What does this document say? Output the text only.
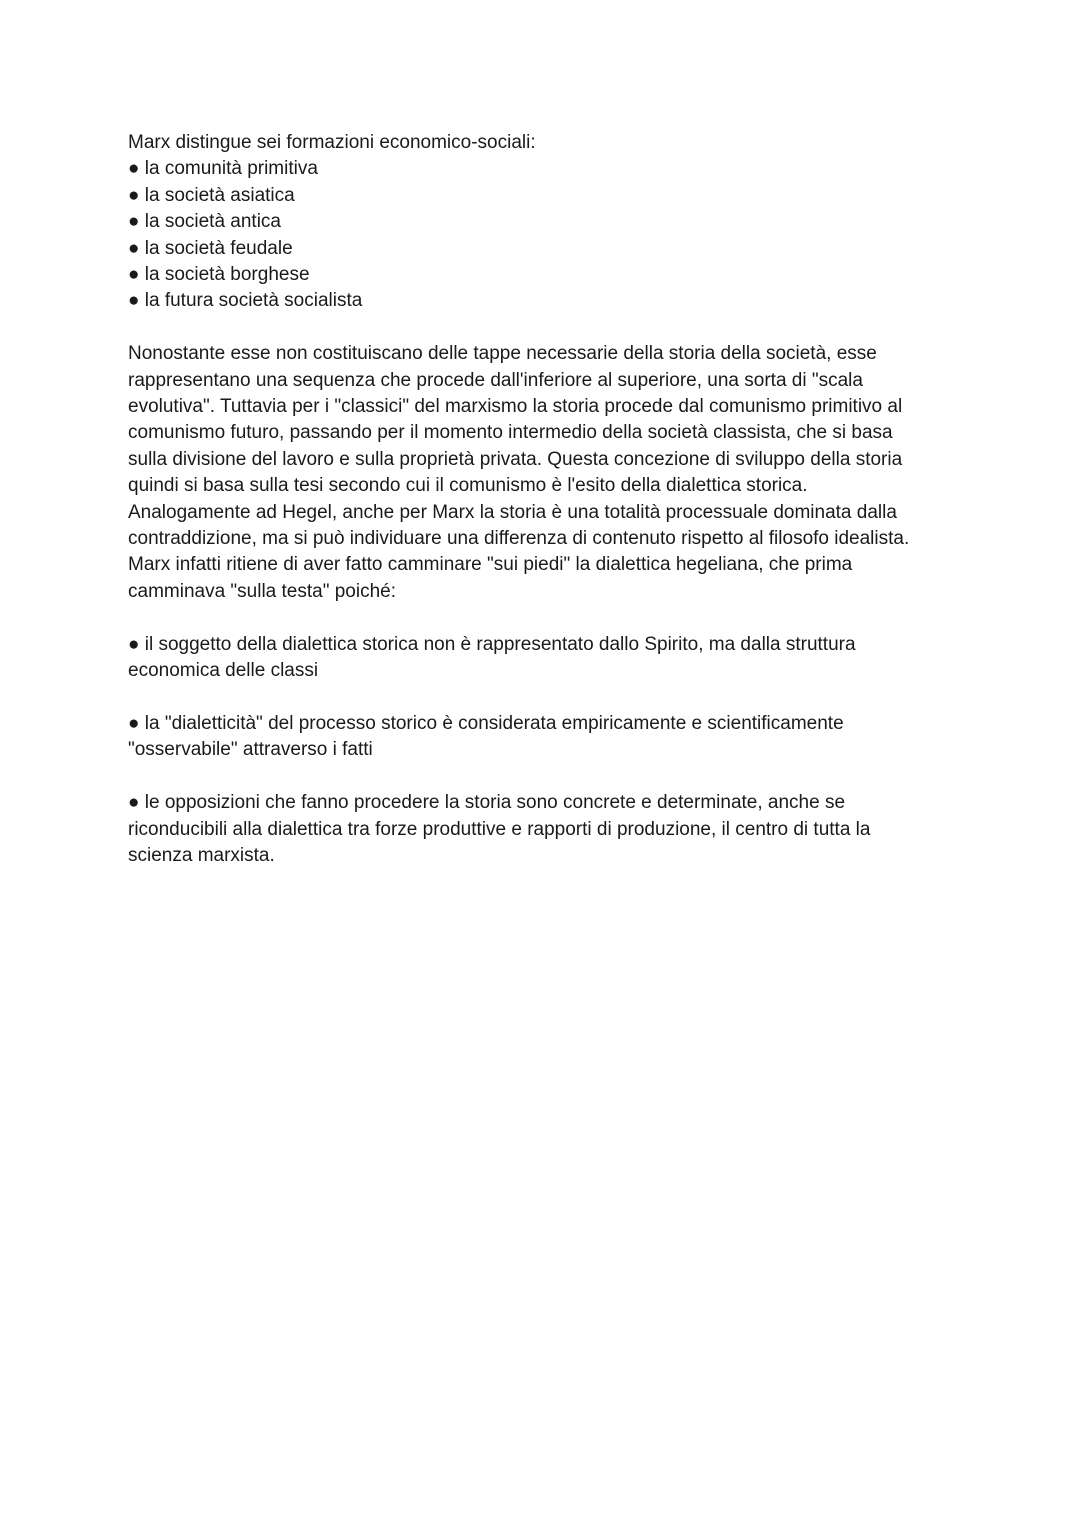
Marx distingue sei formazioni economico-sociali:

● la comunità primitiva

● la società asiatica

● la società antica

● la società feudale

● la società borghese

● la futura società socialista

Nonostante esse non costituiscano delle tappe necessarie della storia della società, esse

rappresentano una sequenza che procede dall'inferiore al superiore, una sorta di "scala

evolutiva". Tuttavia per i "classici" del marxismo la storia procede dal comunismo primitivo al

comunismo futuro, passando per il momento intermedio della società classista, che si basa

sulla divisione del lavoro e sulla proprietà privata. Questa concezione di sviluppo della storia

quindi si basa sulla tesi secondo cui il comunismo è l'esito della dialettica storica.

Analogamente ad Hegel, anche per Marx la storia è una totalità processuale dominata dalla

contraddizione, ma si può individuare una differenza di contenuto rispetto al filosofo idealista.

Marx infatti ritiene di aver fatto camminare "sui piedi" la dialettica hegeliana, che prima

camminava "sulla testa" poiché:

● il soggetto della dialettica storica non è rappresentato dallo Spirito, ma dalla struttura

economica delle classi

● la "dialetticità" del processo storico è considerata empiricamente e scientificamente

"osservabile" attraverso i fatti

● le opposizioni che fanno procedere la storia sono concrete e determinate, anche se

riconducibili alla dialettica tra forze produttive e rapporti di produzione, il centro di tutta la

scienza marxista.
